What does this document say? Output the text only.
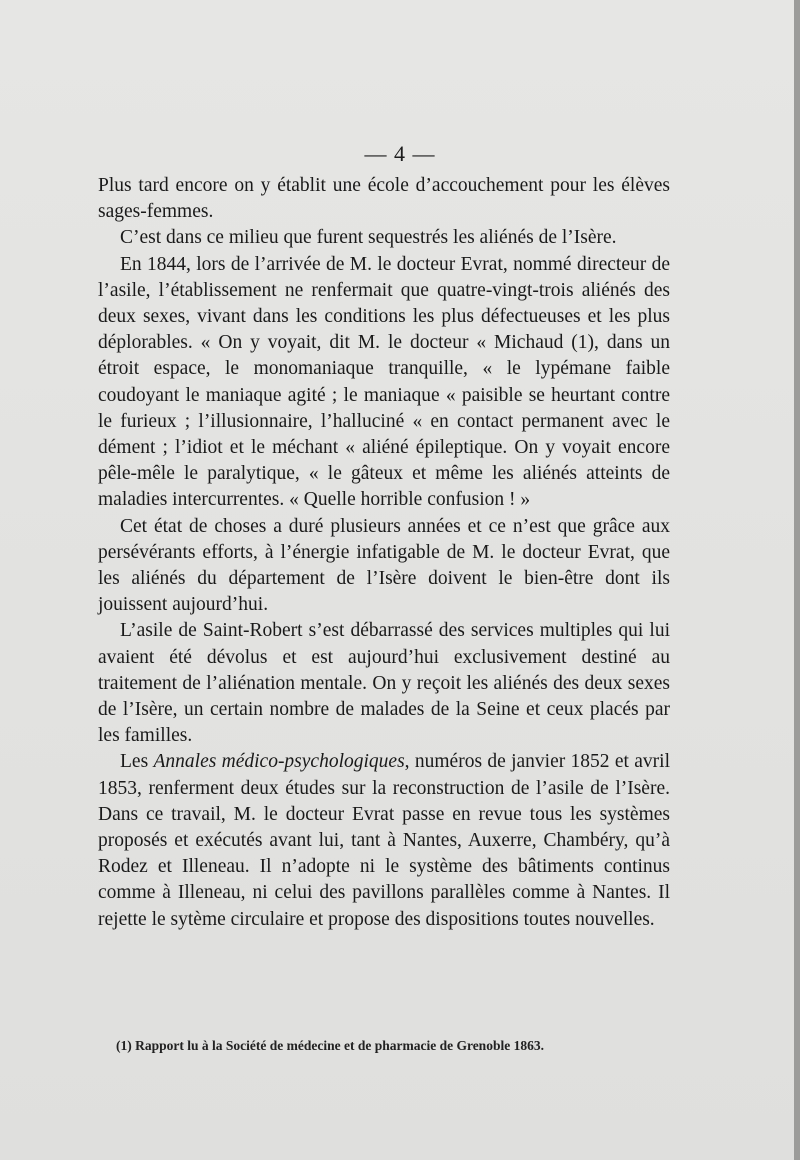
— 4 —

Plus tard encore on y établit une école d’accouchement pour les élèves sages-femmes.

C’est dans ce milieu que furent sequestrés les aliénés de l’Isère.

En 1844, lors de l’arrivée de M. le docteur Evrat, nommé directeur de l’asile, l’établissement ne renfermait que quatre-vingt-trois aliénés des deux sexes, vivant dans les conditions les plus défectueuses et les plus déplorables. « On y voyait, dit M. le docteur « Michaud (1), dans un étroit espace, le monomaniaque tranquille, « le lypémane faible coudoyant le maniaque agité ; le maniaque « paisible se heurtant contre le furieux ; l’illusionnaire, l’halluciné « en contact permanent avec le dément ; l’idiot et le méchant « aliéné épileptique. On y voyait encore pêle-mêle le paralytique, « le gâteux et même les aliénés atteints de maladies intercurrentes. « Quelle horrible confusion ! »

Cet état de choses a duré plusieurs années et ce n’est que grâce aux persévérants efforts, à l’énergie infatigable de M. le docteur Evrat, que les aliénés du département de l’Isère doivent le bien-être dont ils jouissent aujourd’hui.

L’asile de Saint-Robert s’est débarrassé des services multiples qui lui avaient été dévolus et est aujourd’hui exclusivement destiné au traitement de l’aliénation mentale. On y reçoit les aliénés des deux sexes de l’Isère, un certain nombre de malades de la Seine et ceux placés par les familles.

Les Annales médico-psychologiques, numéros de janvier 1852 et avril 1853, renferment deux études sur la reconstruction de l’asile de l’Isère. Dans ce travail, M. le docteur Evrat passe en revue tous les systèmes proposés et exécutés avant lui, tant à Nantes, Auxerre, Chambéry, qu’à Rodez et Illeneau. Il n’adopte ni le système des bâtiments continus comme à Illeneau, ni celui des pavillons parallèles comme à Nantes. Il rejette le sytème circulaire et propose des dispositions toutes nouvelles.

(1) Rapport lu à la Société de médecine et de pharmacie de Grenoble 1863.
